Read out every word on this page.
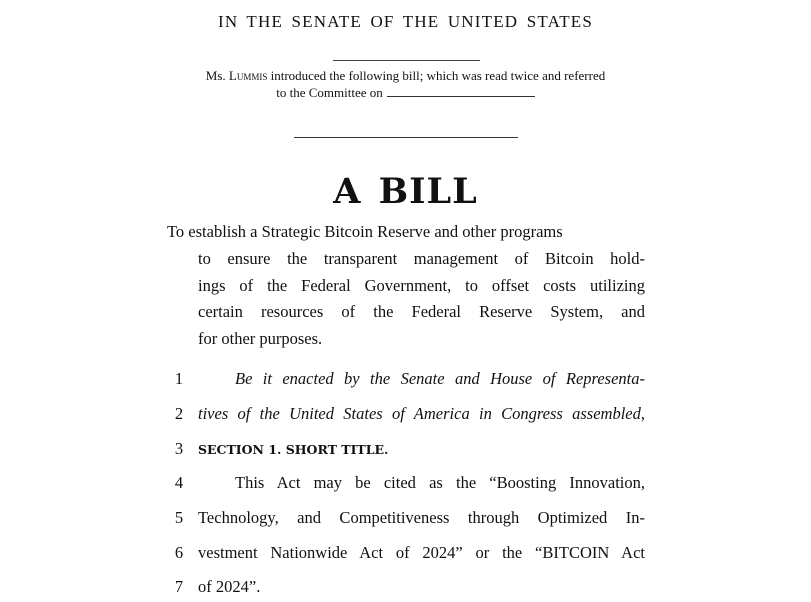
IN THE SENATE OF THE UNITED STATES
Ms. Lummis introduced the following bill; which was read twice and referred
to the Committee on
A BILL
To establish a Strategic Bitcoin Reserve and other programs
to ensure the transparent management of Bitcoin hold-
ings of the Federal Government, to offset costs utilizing
certain resources of the Federal Reserve System, and
for other purposes.
1	Be it enacted by the Senate and House of Representa-
2 tives of the United States of America in Congress assembled,
3 SECTION 1. SHORT TITLE.
4	This Act may be cited as the “Boosting Innovation,
5 Technology, and Competitiveness through Optimized In-
6 vestment Nationwide Act of 2024” or the “BITCOIN Act
7 of 2024”.
